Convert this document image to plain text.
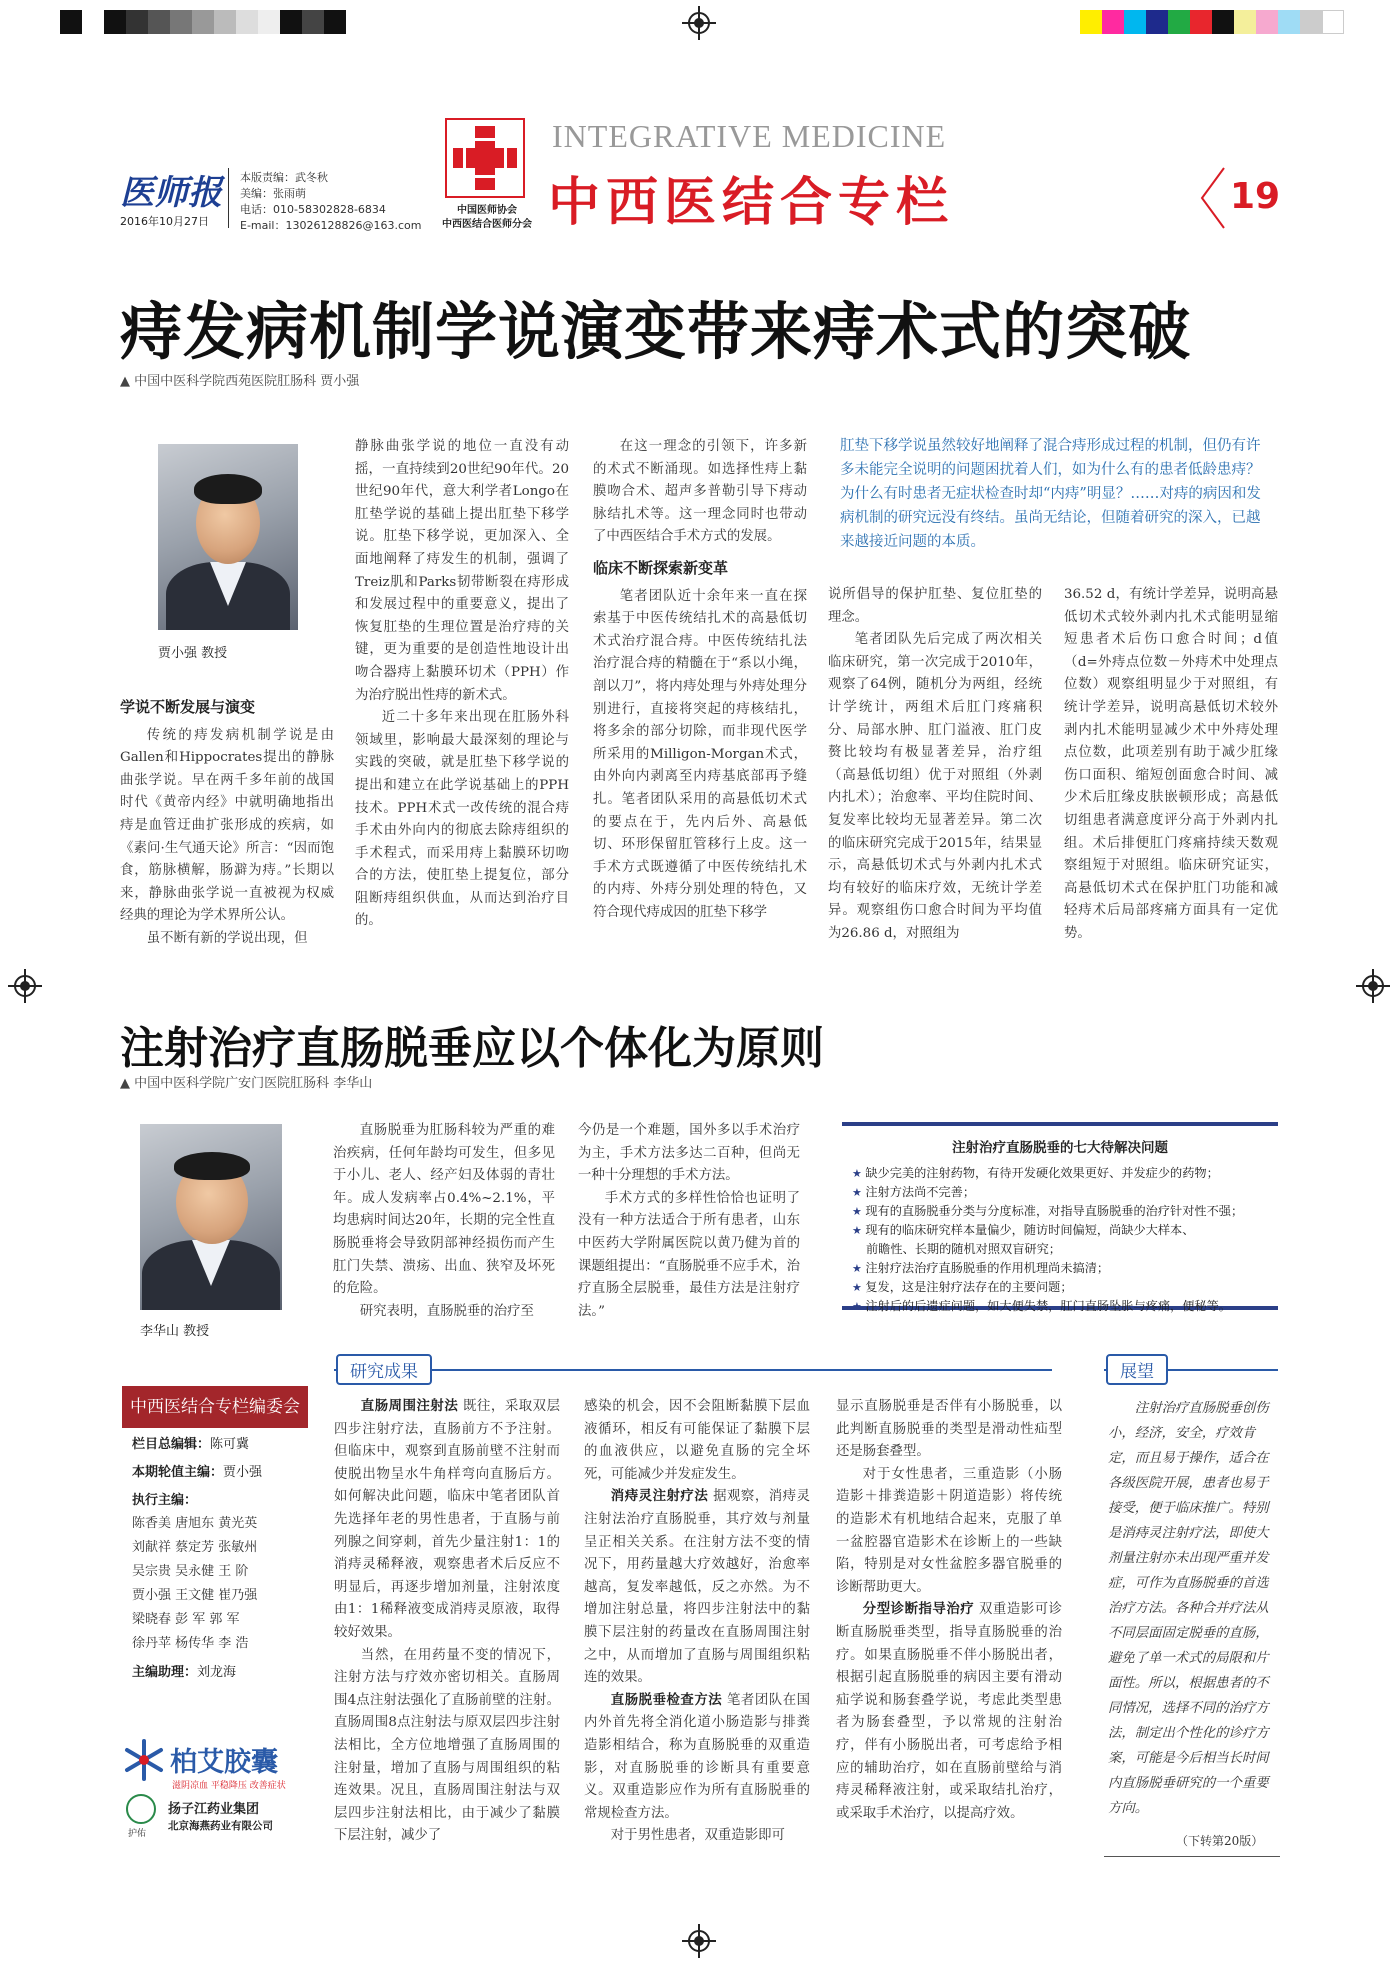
医师报
2016年10月27日
本版责编：武冬秋
美编：张雨萌
电话：010-58302828-6834
E-mail：13026128826@163.com
中国医师协会
中西医结合医师分会
INTEGRATIVE MEDICINE
中西医结合专栏	19
痔发病机制学说演变带来痔术式的突破
▲ 中国中医科学院西苑医院肛肠科 贾小强
贾小强 教授
学说不断发展与演变

传统的痔发病机制学说是由Gallen和Hippocrates提出的静脉曲张学说。早在两千多年前的战国时代《黄帝内经》中就明确地指出痔是血管迂曲扩张形成的疾病，如《素问·生气通天论》所言：“因而饱食，筋脉横解，肠澼为痔。”长期以来，静脉曲张学说一直被视为权威经典的理论为学术界所公认。

虽不断有新的学说出现，但

静脉曲张学说的地位一直没有动摇，一直持续到20世纪90年代。20世纪90年代，意大利学者Longo在肛垫学说的基础上提出肛垫下移学说。肛垫下移学说，更加深入、全面地阐释了痔发生的机制，强调了Treiz肌和Parks韧带断裂在痔形成和发展过程中的重要意义，提出了恢复肛垫的生理位置是治疗痔的关键，更为重要的是创造性地设计出吻合器痔上黏膜环切术（PPH）作为治疗脱出性痔的新术式。

近二十多年来出现在肛肠外科领域里，影响最大最深刻的理论与实践的突破，就是肛垫下移学说的提出和建立在此学说基础上的PPH技术。PPH术式一改传统的混合痔手术由外向内的彻底去除痔组织的手术程式，而采用痔上黏膜环切吻合的方法，使肛垫上提复位，部分阻断痔组织供血，从而达到治疗目的。

在这一理念的引领下，许多新的术式不断涌现。如选择性痔上黏膜吻合术、超声多普勒引导下痔动脉结扎术等。这一理念同时也带动了中西医结合手术方式的发展。

临床不断探索新变革

笔者团队近十余年来一直在探索基于中医传统结扎术的高悬低切术式治疗混合痔。中医传统结扎法治疗混合痔的精髓在于“系以小绳，剖以刀”，将内痔处理与外痔处理分别进行，直接将突起的痔核结扎，将多余的部分切除，而非现代医学所采用的Milligon-Morgan术式，由外向内剥离至内痔基底部再予缝扎。笔者团队采用的高悬低切术式的要点在于，先内后外、高悬低切、环形保留肛管移行上皮。这一手术方式既遵循了中医传统结扎术的内痔、外痔分别处理的特色，又符合现代痔成因的肛垫下移学

肛垫下移学说虽然较好地阐释了混合痔形成过程的机制，但仍有许多未能完全说明的问题困扰着人们，如为什么有的患者低龄患痔？为什么有时患者无症状检查时却“内痔”明显？……对痔的病因和发病机制的研究远没有终结。虽尚无结论，但随着研究的深入，已越来越接近问题的本质。

说所倡导的保护肛垫、复位肛垫的理念。

笔者团队先后完成了两次相关临床研究，第一次完成于2010年，观察了64例，随机分为两组，经统计学统计，两组术后肛门疼痛积分、局部水肿、肛门溢液、肛门皮赘比较均有极显著差异，治疗组（高悬低切组）优于对照组（外剥内扎术）；治愈率、平均住院时间、复发率比较均无显著差异。第二次的临床研究完成于2015年，结果显示，高悬低切术式与外剥内扎术式均有较好的临床疗效，无统计学差异。观察组伤口愈合时间为平均值为26.86 d，对照组为

36.52 d，有统计学差异，说明高悬低切术式较外剥内扎术式能明显缩短患者术后伤口愈合时间；d值（d=外痔点位数－外痔术中处理点位数）观察组明显少于对照组，有统计学差异，说明高悬低切术较外剥内扎术能明显减少术中外痔处理点位数，此项差别有助于减少肛缘伤口面积、缩短创面愈合时间、减少术后肛缘皮肤嵌顿形成；高悬低切组患者满意度评分高于外剥内扎组。术后排便肛门疼痛持续天数观察组短于对照组。临床研究证实，高悬低切术式在保护肛门功能和减轻痔术后局部疼痛方面具有一定优势。

注射治疗直肠脱垂应以个体化为原则
▲ 中国中医科学院广安门医院肛肠科 李华山
李华山 教授

直肠脱垂为肛肠科较为严重的难治疾病，任何年龄均可发生，但多见于小儿、老人、经产妇及体弱的青壮年。成人发病率占0.4%~2.1%，平均患病时间达20年，长期的完全性直肠脱垂将会导致阴部神经损伤而产生肛门失禁、溃疡、出血、狭窄及坏死的危险。

研究表明，直肠脱垂的治疗至

今仍是一个难题，国外多以手术治疗为主，手术方法多达二百种，但尚无一种十分理想的手术方法。

手术方式的多样性恰恰也证明了没有一种方法适合于所有患者，山东中医药大学附属医院以黄乃健为首的课题组提出：“直肠脱垂不应手术，治疗直肠全层脱垂，最佳方法是注射疗法。”

注射治疗直肠脱垂的七大待解决问题
★ 缺少完美的注射药物，有待开发硬化效果更好、并发症少的药物；
★ 注射方法尚不完善；
★ 现有的直肠脱垂分类与分度标准，对指导直肠脱垂的治疗针对性不强；
★ 现有的临床研究样本量偏少，随访时间偏短，尚缺少大样本、
前瞻性、长期的随机对照双盲研究；
★ 注射疗法治疗直肠脱垂的作用机理尚未搞清；
★ 复发，这是注射疗法存在的主要问题；
★ 注射后的后遗症问题，如大便失禁，肛门直肠坠胀与疼痛，便秘等。
研究成果	展望
中西医结合专栏编委会
栏目总编辑：陈可冀
本期轮值主编：贾小强
执行主编：
陈香美 唐旭东 黄光英
刘献祥 蔡定芳 张敏州
吴宗贵 吴永健 王 阶
贾小强 王文健 崔乃强
梁晓春 彭 军 郭 军
徐丹苹 杨传华 李 浩
主编助理：刘龙海
柏艾胶囊
滋阴凉血 平稳降压 改善症状
护佑
扬子江药业集团
北京海燕药业有限公司

直肠周围注射法 既往，采取双层四步注射疗法，直肠前方不予注射。但临床中，观察到直肠前壁不注射而使脱出物呈水牛角样弯向直肠后方。如何解决此问题，临床中笔者团队首先选择年老的男性患者，于直肠与前列腺之间穿刺，首先少量注射1：1的消痔灵稀释液，观察患者术后反应不明显后，再逐步增加剂量，注射浓度由1：1稀释液变成消痔灵原液，取得较好效果。

当然，在用药量不变的情况下，注射方法与疗效亦密切相关。直肠周围4点注射法强化了直肠前壁的注射。直肠周围8点注射法与原双层四步注射法相比，全方位地增强了直肠周围的注射量，增加了直肠与周围组织的粘连效果。况且，直肠周围注射法与双层四步注射法相比，由于减少了黏膜下层注射，减少了

感染的机会，因不会阻断黏膜下层血液循环，相反有可能保证了黏膜下层的血液供应，以避免直肠的完全坏死，可能减少并发症发生。

消痔灵注射疗法 据观察，消痔灵注射法治疗直肠脱垂，其疗效与剂量呈正相关关系。在注射方法不变的情况下，用药量越大疗效越好，治愈率越高，复发率越低，反之亦然。为不增加注射总量，将四步注射法中的黏膜下层注射的药量改在直肠周围注射之中，从而增加了直肠与周围组织粘连的效果。

直肠脱垂检查方法 笔者团队在国内外首先将全消化道小肠造影与排粪造影相结合，称为直肠脱垂的双重造影，对直肠脱垂的诊断具有重要意义。双重造影应作为所有直肠脱垂的常规检查方法。

对于男性患者，双重造影即可

显示直肠脱垂是否伴有小肠脱垂，以此判断直肠脱垂的类型是滑动性疝型还是肠套叠型。

对于女性患者，三重造影（小肠造影＋排粪造影＋阴道造影）将传统的造影术有机地结合起来，克服了单一盆腔器官造影术在诊断上的一些缺陷，特别是对女性盆腔多器官脱垂的诊断帮助更大。

分型诊断指导治疗 双重造影可诊断直肠脱垂类型，指导直肠脱垂的治疗。如果直肠脱垂不伴小肠脱出者，根据引起直肠脱垂的病因主要有滑动疝学说和肠套叠学说，考虑此类型患者为肠套叠型，予以常规的注射治疗，伴有小肠脱出者，可考虑给予相应的辅助治疗，如在直肠前壁给与消痔灵稀释液注射，或采取结扎治疗，或采取手术治疗，以提高疗效。

注射治疗直肠脱垂创伤小，经济，安全，疗效肯定，而且易于操作，适合在各级医院开展，患者也易于接受，便于临床推广。特别是消痔灵注射疗法，即使大剂量注射亦未出现严重并发症，可作为直肠脱垂的首选治疗方法。各种合并疗法从不同层面固定脱垂的直肠，避免了单一术式的局限和片面性。所以，根据患者的不同情况，选择不同的治疗方法，制定出个性化的诊疗方案，可能是今后相当长时间内直肠脱垂研究的一个重要方向。

（下转第20版）
